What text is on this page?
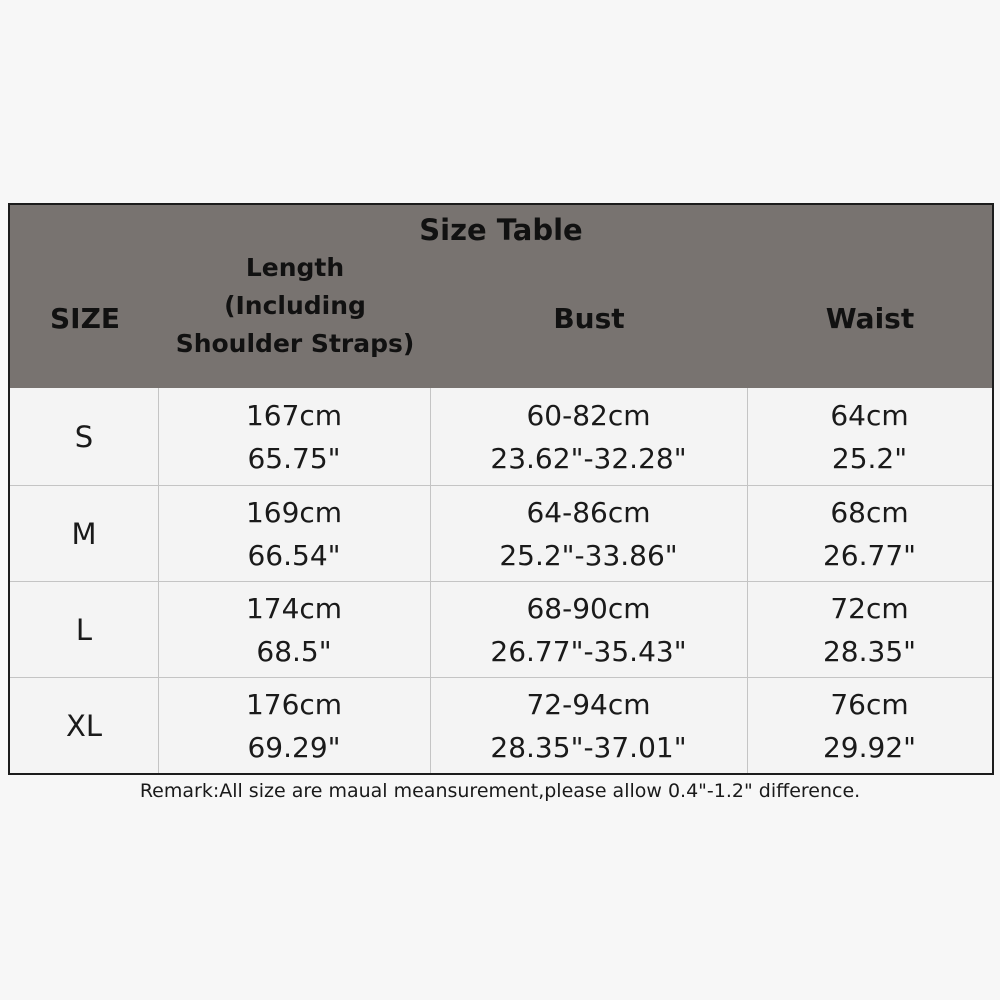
Size Table
SIZE
Length
(Including
Shoulder Straps)
Bust	Waist
S
167cm
65.75"
60-82cm
23.62"-32.28"
64cm
25.2"
M
169cm
66.54"
64-86cm
25.2"-33.86"
68cm
26.77"
L
174cm
68.5"
68-90cm
26.77"-35.43"
72cm
28.35"
XL
176cm
69.29"
72-94cm
28.35"-37.01"
76cm
29.92"
Remark:All size are maual meansurement,please allow 0.4"-1.2" difference.
